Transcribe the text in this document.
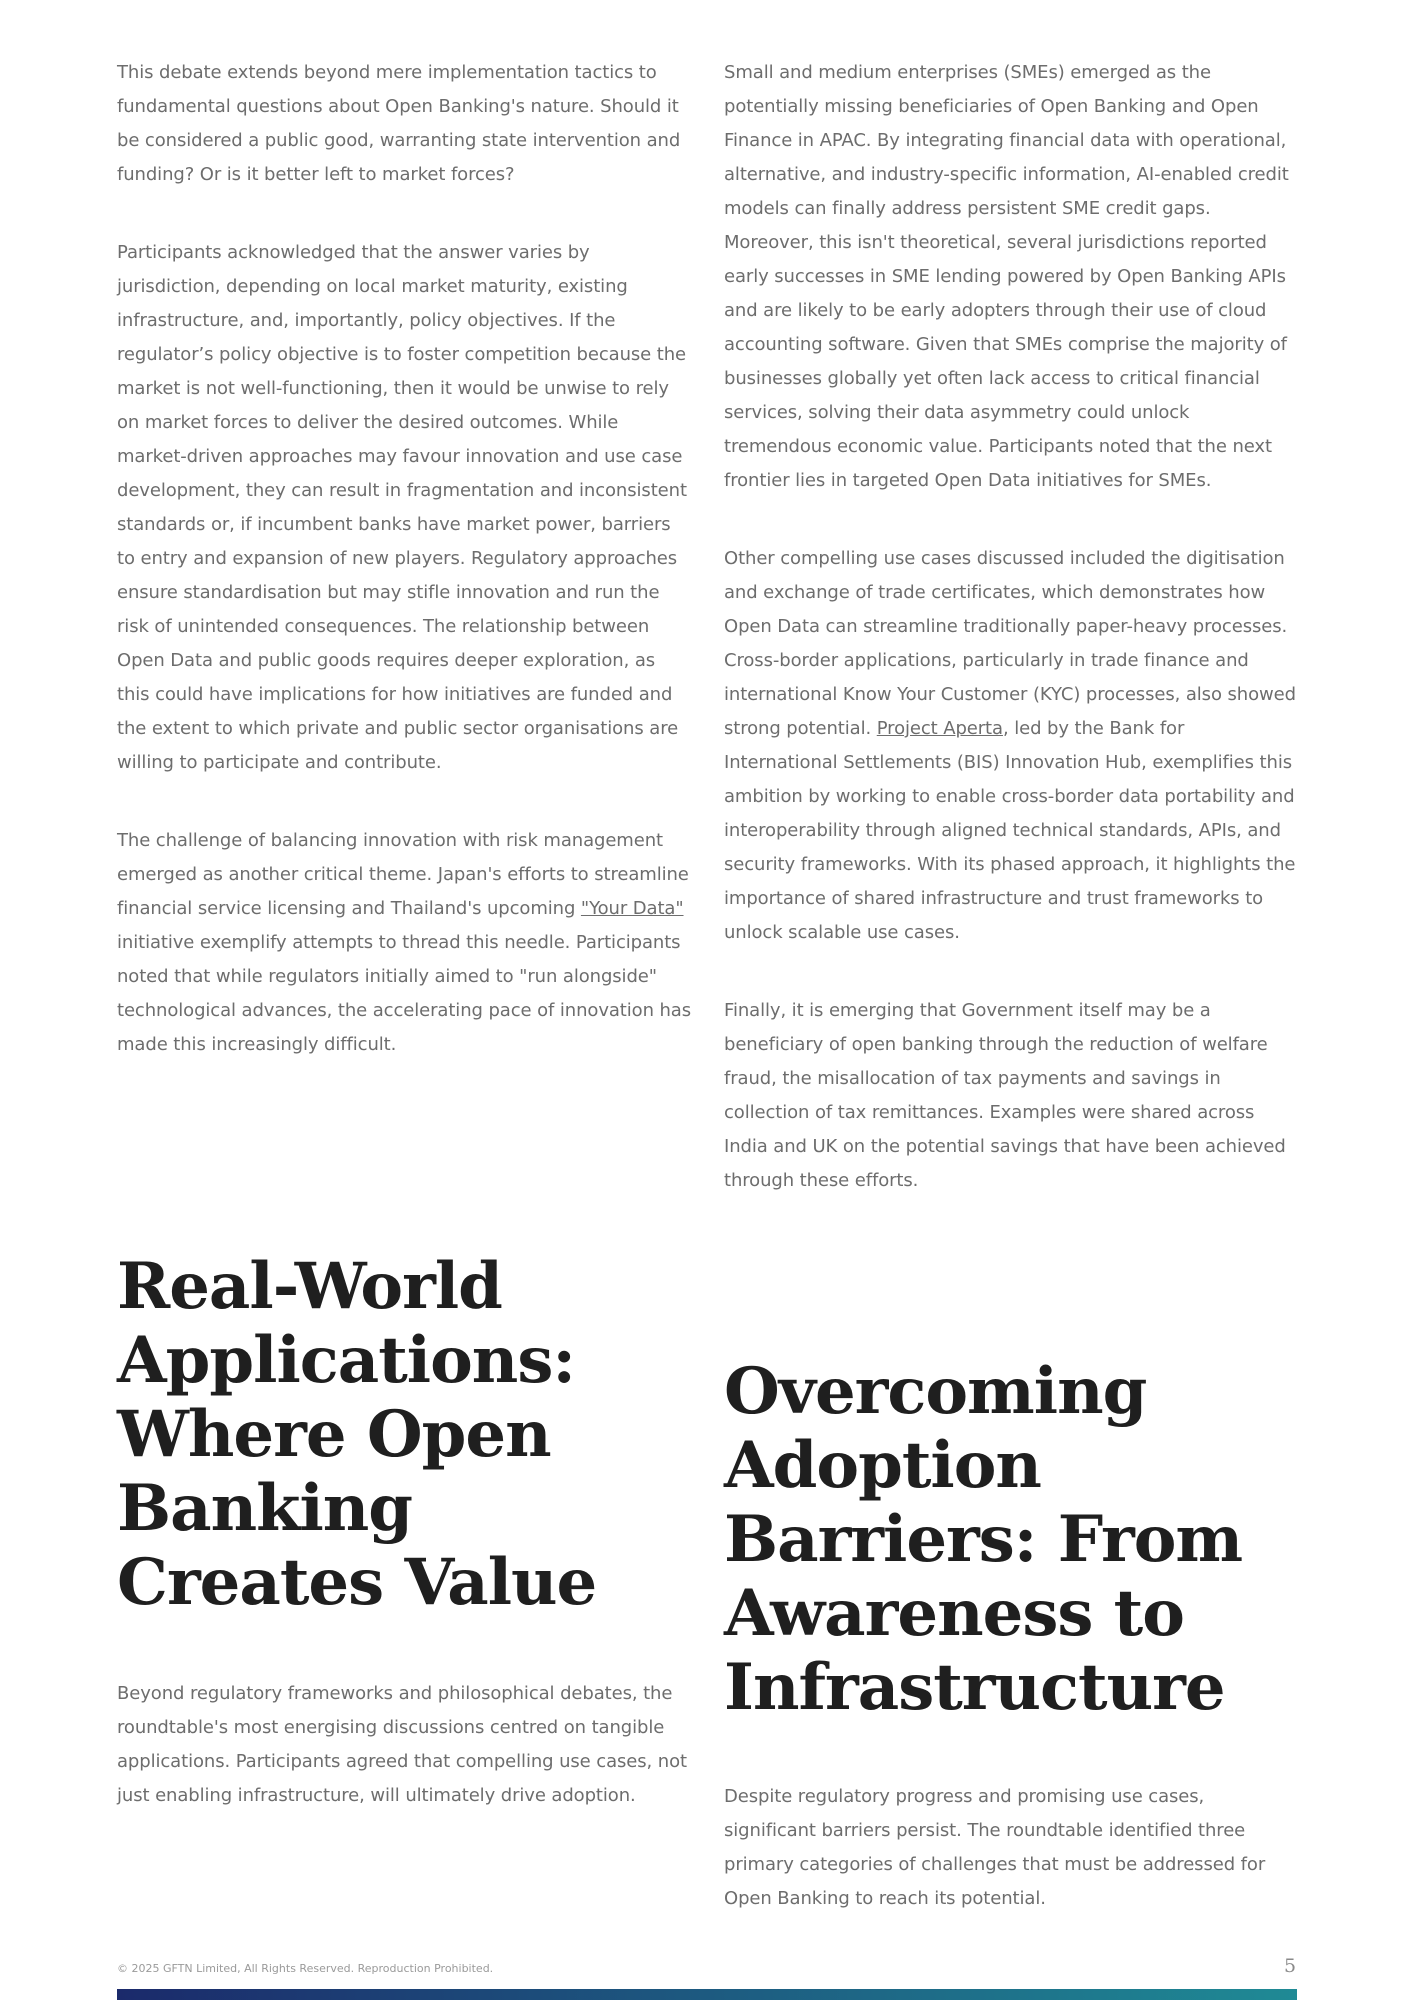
This debate extends beyond mere implementation tactics to fundamental questions about Open Banking's nature. Should it be considered a public good, warranting state intervention and funding? Or is it better left to market forces?

Participants acknowledged that the answer varies by jurisdiction, depending on local market maturity, existing infrastructure, and, importantly, policy objectives. If the regulator’s policy objective is to foster competition because the market is not well-functioning, then it would be unwise to rely on market forces to deliver the desired outcomes. While market-driven approaches may favour innovation and use case development, they can result in fragmentation and inconsistent standards or, if incumbent banks have market power, barriers to entry and expansion of new players. Regulatory approaches ensure standardisation but may stifle innovation and run the risk of unintended consequences. The relationship between Open Data and public goods requires deeper exploration, as this could have implications for how initiatives are funded and the extent to which private and public sector organisations are willing to participate and contribute.

The challenge of balancing innovation with risk management emerged as another critical theme. Japan's efforts to streamline financial service licensing and Thailand's upcoming "Your Data" initiative exemplify attempts to thread this needle. Participants noted that while regulators initially aimed to "run alongside" technological advances, the accelerating pace of innovation has made this increasingly difficult.

Real-World Applications: Where Open Banking Creates Value

Beyond regulatory frameworks and philosophical debates, the roundtable's most energising discussions centred on tangible applications. Participants agreed that compelling use cases, not just enabling infrastructure, will ultimately drive adoption.

Small and medium enterprises (SMEs) emerged as the potentially missing beneficiaries of Open Banking and Open Finance in APAC. By integrating financial data with operational, alternative, and industry-specific information, AI-enabled credit models can finally address persistent SME credit gaps. Moreover, this isn't theoretical, several jurisdictions reported early successes in SME lending powered by Open Banking APIs and are likely to be early adopters through their use of cloud accounting software. Given that SMEs comprise the majority of businesses globally yet often lack access to critical financial services, solving their data asymmetry could unlock tremendous economic value. Participants noted that the next frontier lies in targeted Open Data initiatives for SMEs.

Other compelling use cases discussed included the digitisation and exchange of trade certificates, which demonstrates how Open Data can streamline traditionally paper-heavy processes. Cross-border applications, particularly in trade finance and international Know Your Customer (KYC) processes, also showed strong potential. Project Aperta, led by the Bank for International Settlements (BIS) Innovation Hub, exemplifies this ambition by working to enable cross-border data portability and interoperability through aligned technical standards, APIs, and security frameworks. With its phased approach, it highlights the importance of shared infrastructure and trust frameworks to unlock scalable use cases.

Finally, it is emerging that Government itself may be a beneficiary of open banking through the reduction of welfare fraud, the misallocation of tax payments and savings in collection of tax remittances. Examples were shared across India and UK on the potential savings that have been achieved through these efforts.

Overcoming Adoption Barriers: From Awareness to Infrastructure

Despite regulatory progress and promising use cases, significant barriers persist. The roundtable identified three primary categories of challenges that must be addressed for Open Banking to reach its potential.

© 2025 GFTN Limited, All Rights Reserved. Reproduction Prohibited.	5
